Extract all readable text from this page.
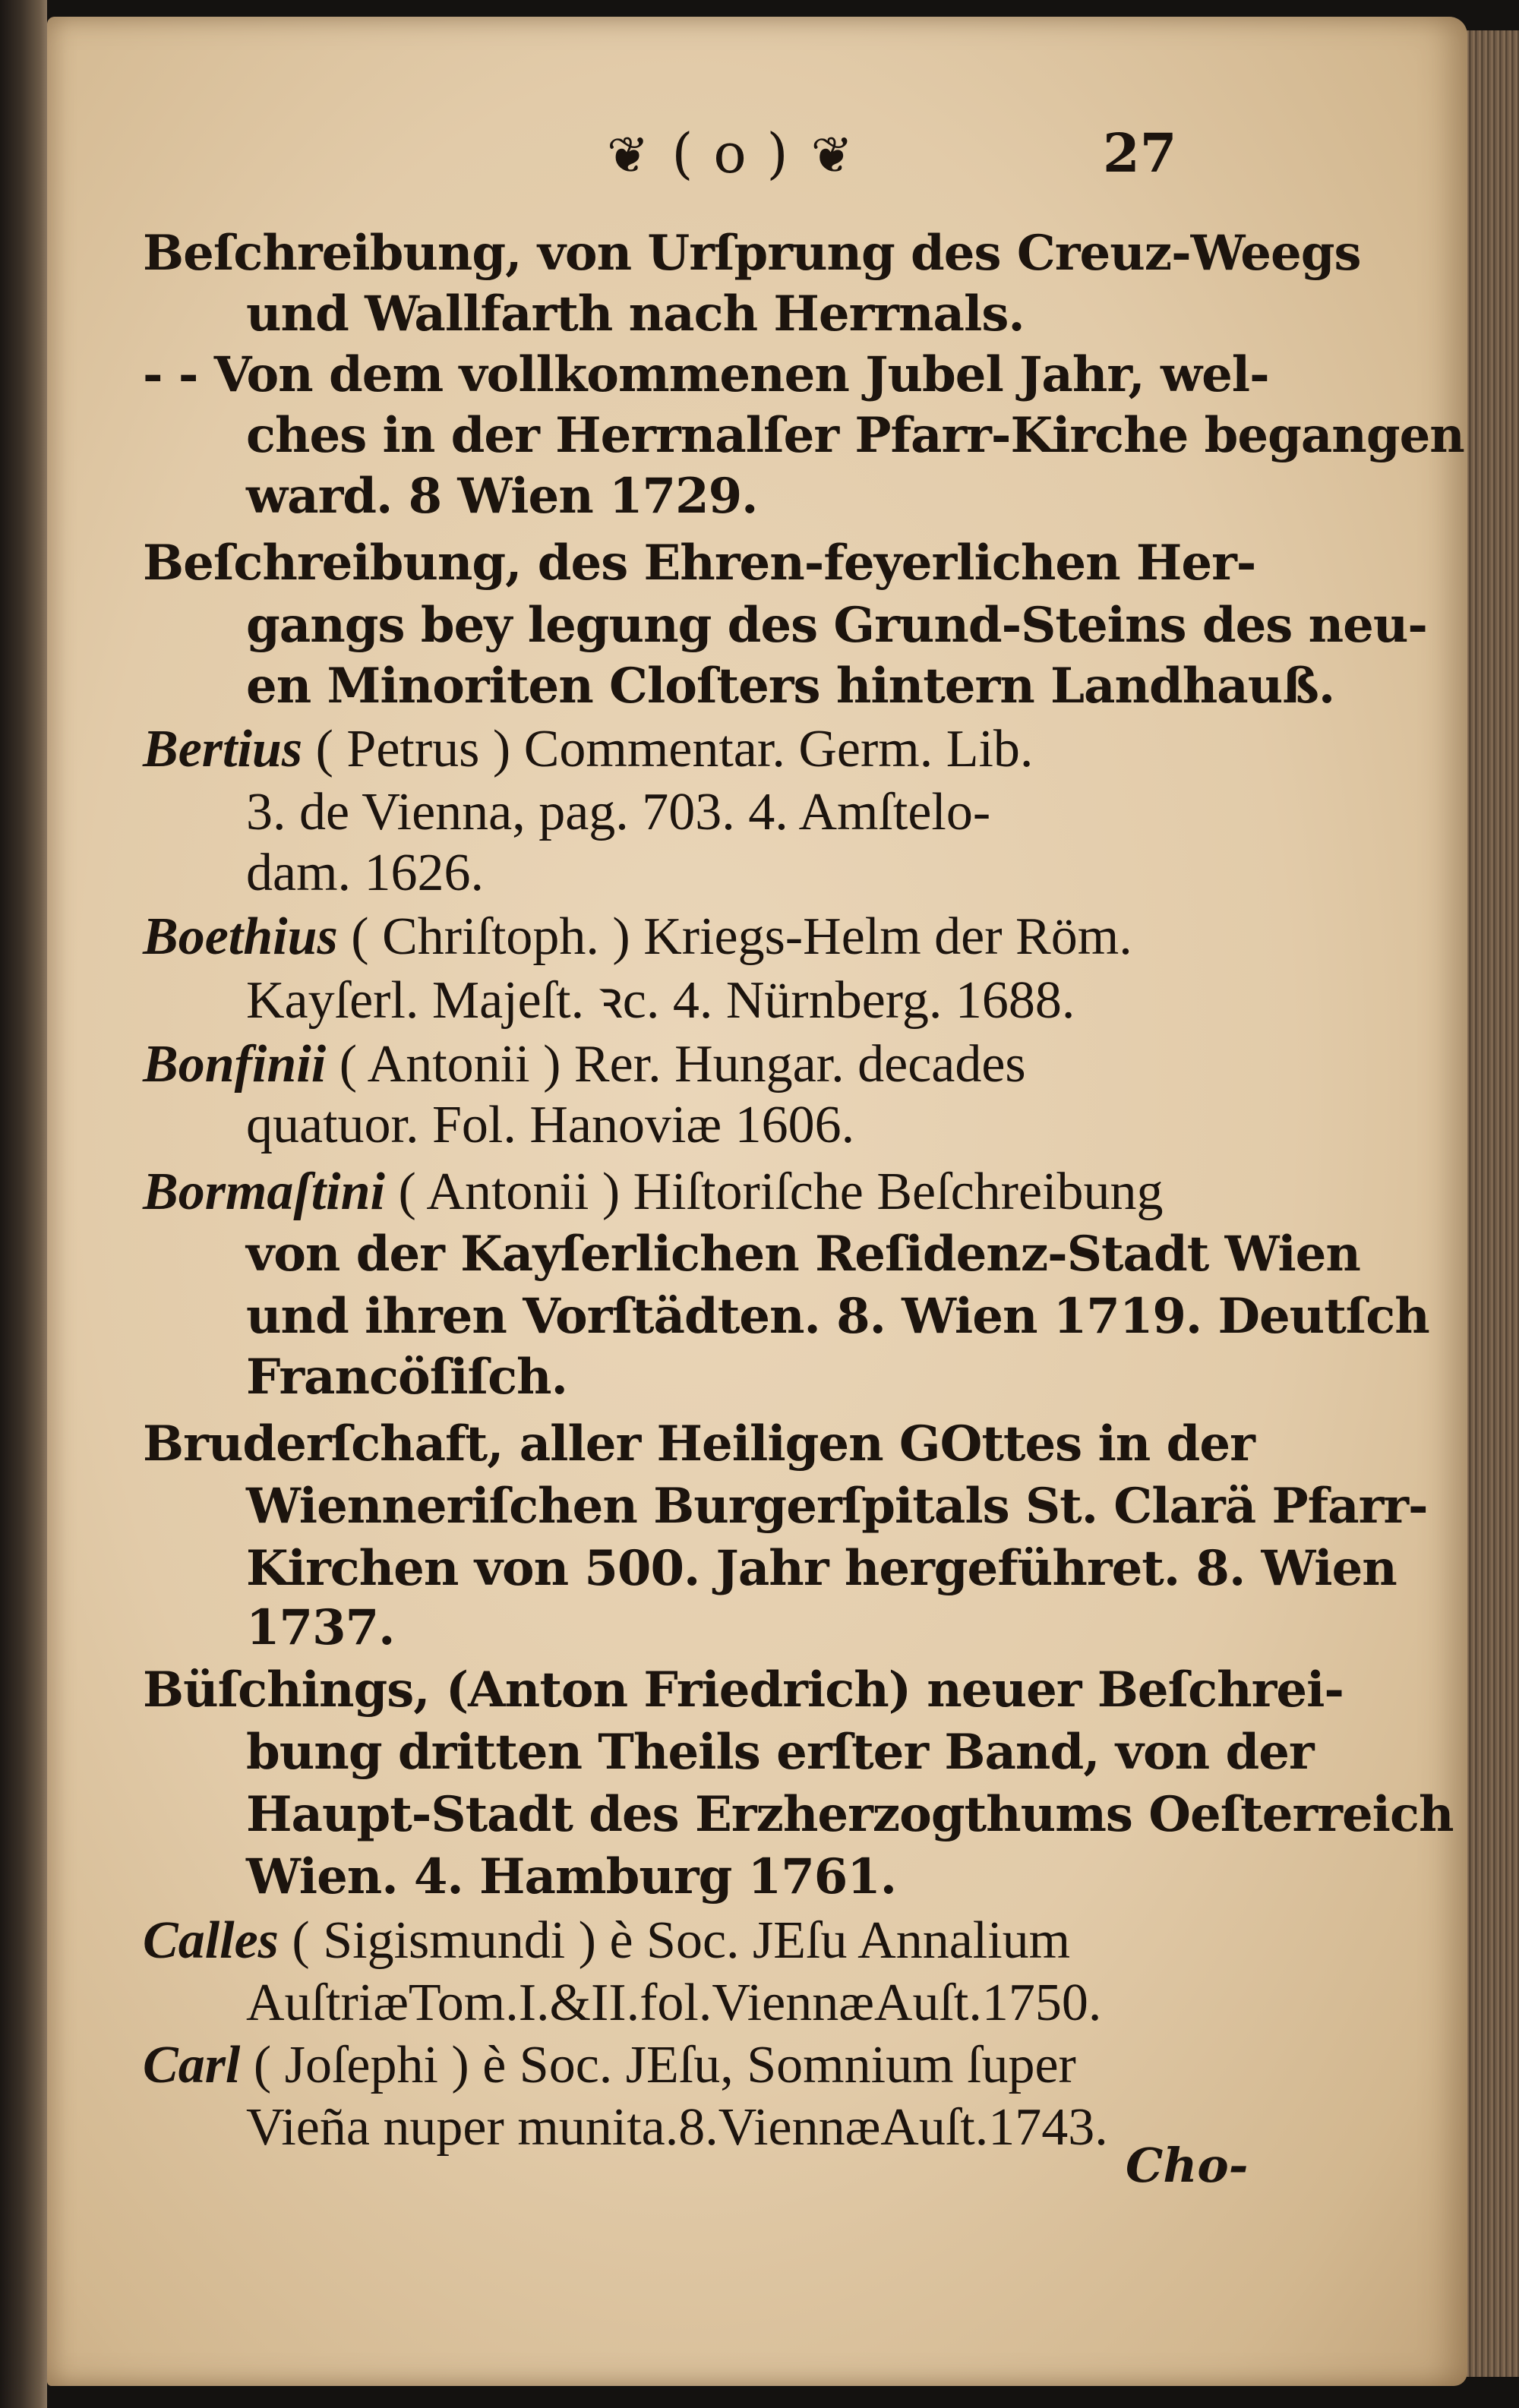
❦ ( o ) ❦	27
Beſchreibung, von Urſprung des Creuz‑Weegs
und Wallfarth nach Herrnals.
‑ ‑ Von dem vollkommenen Jubel Jahr, wel‑
ches in der Herrnalſer Pfarr‑Kirche begangen
ward. 8 Wien 1729.
Beſchreibung, des Ehren‑feyerlichen Her‑
gangs bey legung des Grund‑Steins des neu‑
en Minoriten Cloſters hintern Landhauß.
Bertius ( Petrus ) Commentar. Germ. Lib.
3. de Vienna, pag. 703. 4. Amſtelo‑
dam. 1626.
Boethius ( Chriſtoph. ) Kriegs‑Helm der Röm.
Kayſerl. Majeſt. ꝛc. 4. Nürnberg. 1688.
Bonfinii ( Antonii ) Rer. Hungar. decades
quatuor. Fol. Hanoviæ 1606.
Bormaſtini ( Antonii ) Hiſtoriſche Beſchreibung
von der Kayſerlichen Reſidenz‑Stadt Wien
und ihren Vorſtädten. 8. Wien 1719. Deutſch
Francöſiſch.
Bruderſchaft, aller Heiligen GOttes in der
Wienneriſchen Burgerſpitals St. Clarä Pfarr‑
Kirchen von 500. Jahr hergeführet. 8. Wien
1737.
Büſchings, (Anton Friedrich) neuer Beſchrei‑
bung dritten Theils erſter Band, von der
Haupt‑Stadt des Erzherzogthums Oeſterreich
Wien. 4. Hamburg 1761.
Calles ( Sigismundi ) è Soc. JEſu Annalium
AuſtriæTom.I.&II.fol.ViennæAuſt.1750.
Carl ( Joſephi ) è Soc. JEſu, Somnium ſuper
Vieña nuper munita.8.ViennæAuſt.1743.
Cho‑
